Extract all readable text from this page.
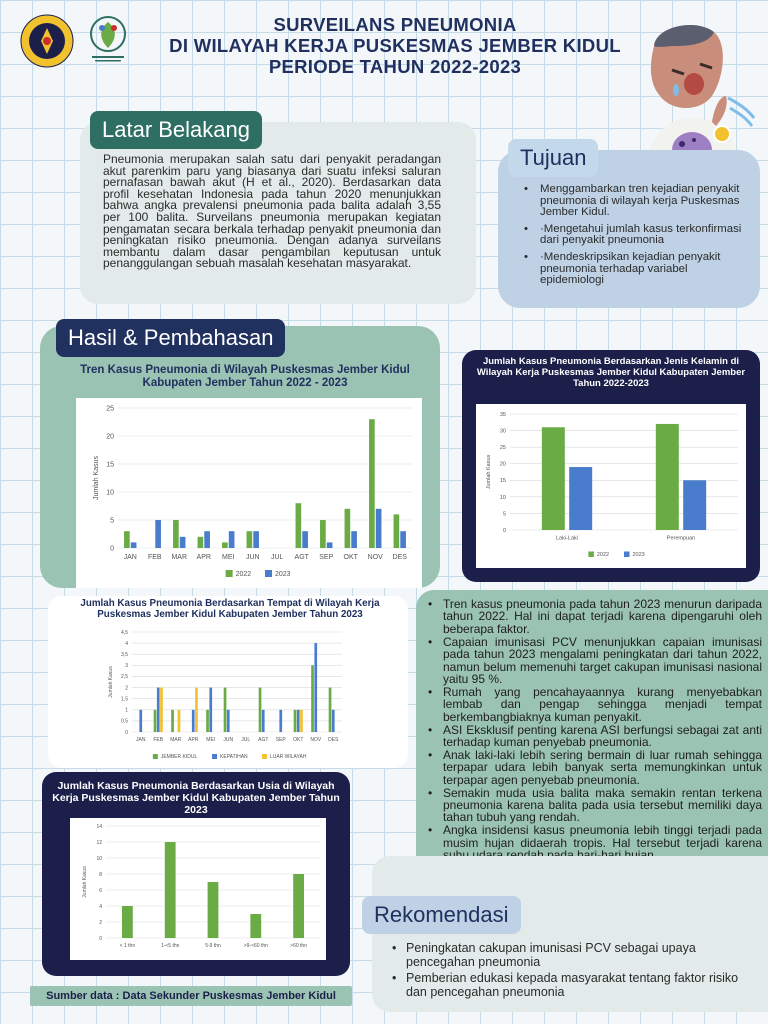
SURVEILANS PNEUMONIA
DI WILAYAH KERJA PUSKESMAS JEMBER KIDUL
PERIODE TAHUN 2022-2023
Latar Belakang
Pneumonia merupakan salah satu dari penyakit peradangan akut parenkim paru yang biasanya dari suatu infeksi saluran pernafasan bawah akut (H et al., 2020). Berdasarkan data profil kesehatan Indonesia pada tahun 2020 menunjukkan bahwa angka prevalensi pneumonia pada balita adalah 3,55 per 100 balita. Surveilans pneumonia merupakan kegiatan pengamatan secara berkala terhadap penyakit pneumonia dan peningkatan risiko pneumonia. Dengan adanya surveilans membantu dalam dasar pengambilan keputusan untuk penanggulangan sebuah masalah kesehatan masyarakat.
Tujuan
• Menggambarkan tren kejadian penyakit pneumonia di wilayah kerja Puskesmas Jember Kidul.
• ·Mengetahui jumlah kasus terkonfirmasi dari penyakit pneumonia
• ·Mendeskripsikan kejadian penyakit pneumonia terhadap variabel epidemiologi
Hasil & Pembahasan
Tren Kasus Pneumonia di Wilayah Puskesmas Jember Kidul Kabupaten Jember Tahun 2022 - 2023
0
5
10
15
20
25
Jumlah Kasus
JAN FEB MAR APR MEI JUN JUL AGT SEP OKT NOV DES
2022	2023
Jumlah Kasus Pneumonia Berdasarkan Jenis Kelamin di Wilayah Kerja Puskesmas Jember Kidul Kabupaten Jember Tahun 2022-2023
0
5
10
15
20
25
30
35
Jumlah Kasus
Laki-Laki	Perempuan
2022	2023
Jumlah Kasus Pneumonia Berdasarkan Tempat di Wilayah Kerja Puskesmas Jember Kidul Kabupaten Jember Tahun 2023
0
0,5
1
1,5
2
2,5
3
3,5
4
4,5
Jumlah Kasus
JAN FEB MAR APR MEI JUN JUL AGT SEP OKT NOV DES
JEMBER KIDUL	KEPATIHAN	LUAR WILAYAH
Jumlah Kasus Pneumonia Berdasarkan Usia di Wilayah Kerja Puskesmas Jember Kidul Kabupaten Jember Tahun 2023
0
2
4
6
8
10
12
14
Jumlah Kasus
< 1 thn	1-<5 thn	5-9 thn	>9-<60 thn	>60 thn
• Tren kasus pneumonia pada tahun 2023 menurun daripada tahun 2022. Hal ini dapat terjadi karena dipengaruhi oleh beberapa faktor.
• Capaian imunisasi PCV menunjukkan capaian imunisasi pada tahun 2023 mengalami peningkatan dari tahun 2022, namun belum memenuhi target cakupan imunisasi nasional yaitu 95 %.
• Rumah yang pencahayaannya kurang menyebabkan lembab dan pengap sehingga menjadi tempat berkembangbiaknya kuman penyakit.
• ASI Eksklusif penting karena ASI berfungsi sebagai zat anti terhadap kuman penyebab pneumonia.
• Anak laki-laki lebih sering bermain di luar rumah sehingga terpapar udara lebih banyak serta memungkinkan untuk terpapar agen penyebab pneumonia.
• Semakin muda usia balita maka semakin rentan terkena pneumonia karena balita pada usia tersebut memiliki daya tahan tubuh yang rendah.
• Angka insidensi kasus pneumonia lebih tinggi terjadi pada musim hujan didaerah tropis. Hal tersebut terjadi karena
Rekomendasi
• Peningkatan cakupan imunisasi PCV sebagai upaya pencegahan pneumonia
• Pemberian edukasi kepada masyarakat tentang faktor risiko dan pencegahan pneumonia
Sumber data : Data Sekunder Puskesmas Jember Kidul
